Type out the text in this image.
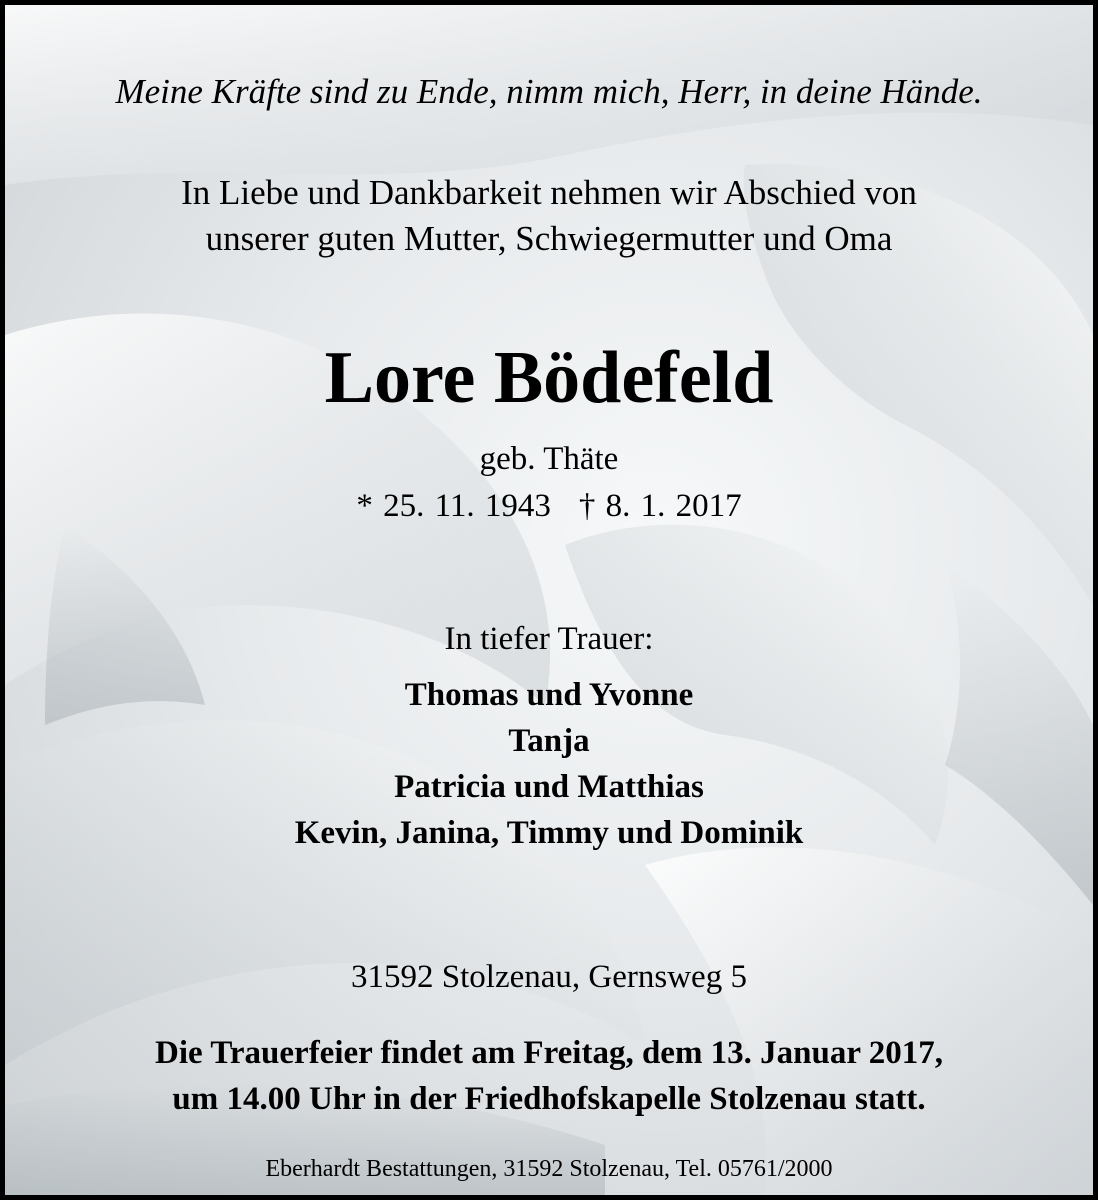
Meine Kräfte sind zu Ende, nimm mich, Herr, in deine Hände.

In Liebe und Dankbarkeit nehmen wir Abschied von

unserer guten Mutter, Schwiegermutter und Oma

Lore Bödefeld

geb. Thäte

* 25. 11. 1943 † 8. 1. 2017

In tiefer Trauer:

Thomas und Yvonne

Tanja

Patricia und Matthias

Kevin, Janina, Timmy und Dominik

31592 Stolzenau, Gernsweg 5

Die Trauerfeier findet am Freitag, dem 13. Januar 2017,

um 14.00 Uhr in der Friedhofskapelle Stolzenau statt.

Eberhardt Bestattungen, 31592 Stolzenau, Tel. 05761/2000
